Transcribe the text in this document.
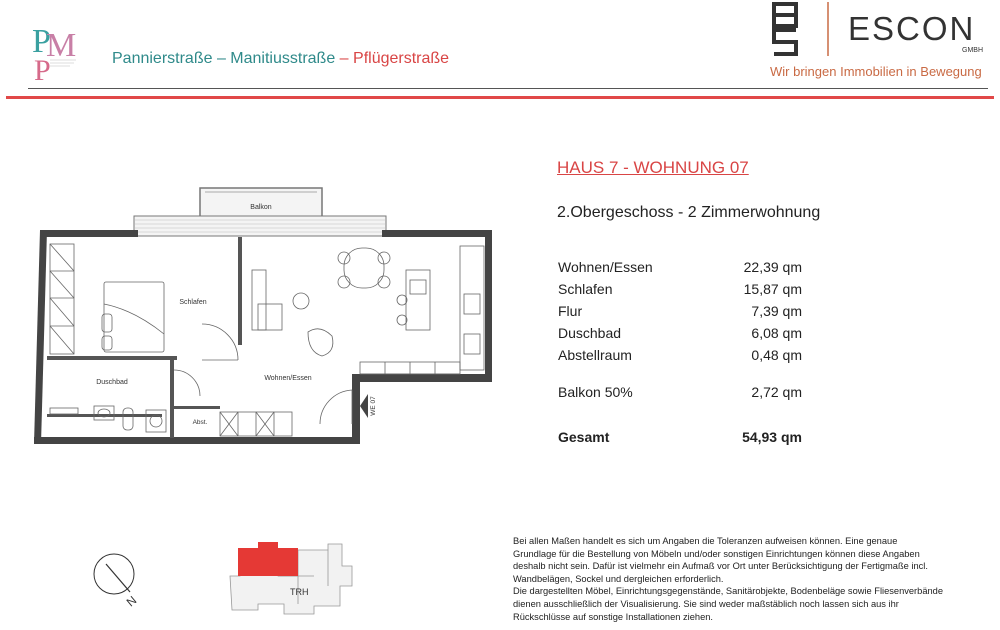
P
M
P	Pannierstraße – Manitiusstraße – Pflügerstraße
ESCON
GMBH
Wir bringen Immobilien in Bewegung
Balkon
Schlafen
Wohnen/Essen
Abst.
Duschbad
WE 07
HAUS 7 - WOHNUNG 07
2.Obergeschoss - 2 Zimmerwohnung
Wohnen/Essen	22,39 qm
Schlafen	15,87 qm
Flur	7,39 qm
Duschbad	6,08 qm
Abstellraum	0,48 qm
Balkon 50%	2,72 qm
Gesamt	54,93 qm
N
TRH

Bei allen Maßen handelt es sich um Angaben die Toleranzen aufweisen können. Eine genaue Grundlage für die Bestellung von Möbeln und/oder sonstigen Einrichtungen können diese Angaben deshalb nicht sein. Dafür ist vielmehr ein Aufmaß vor Ort unter Berücksichtigung der Fertigmaße incl. Wandbelägen, Sockel und dergleichen erforderlich.

Die dargestellten Möbel, Einrichtungsgegenstände, Sanitärobjekte, Bodenbeläge sowie Fliesenverbände dienen ausschließlich der Visualisierung. Sie sind weder maßstäblich noch lassen sich aus ihr Rückschlüsse auf sonstige Installationen ziehen.
